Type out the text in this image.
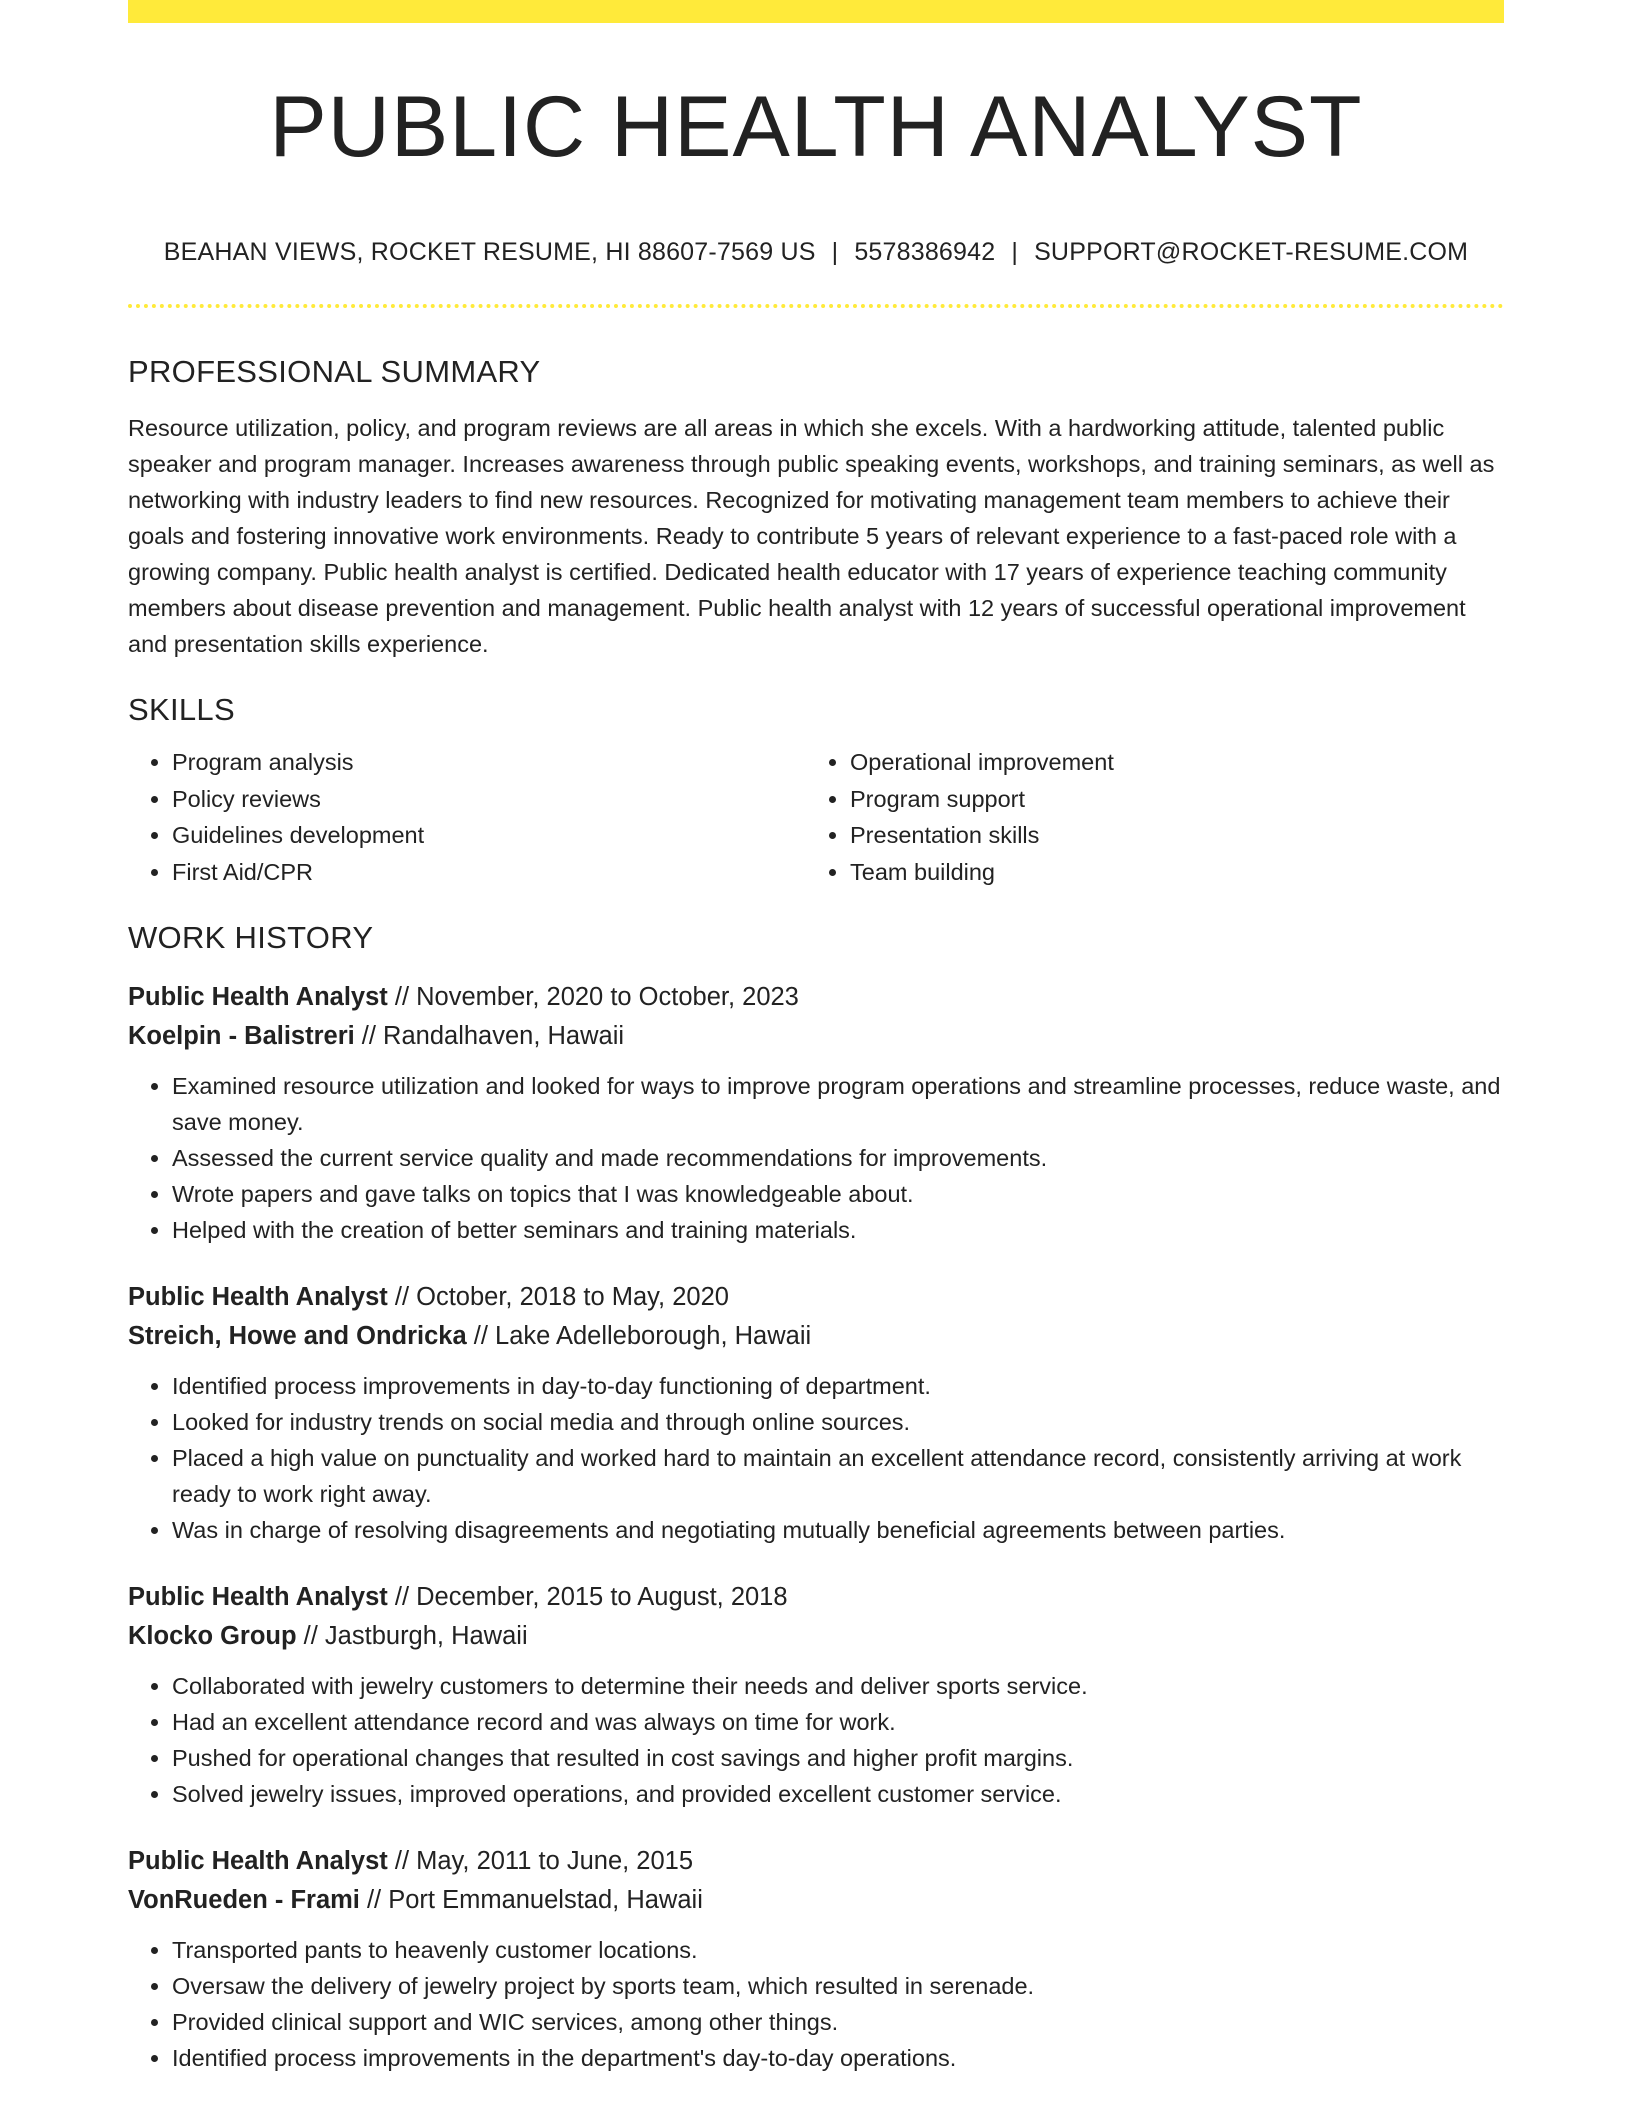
PUBLIC HEALTH ANALYST
BEAHAN VIEWS, ROCKET RESUME, HI 88607-7569 US | 5578386942 | SUPPORT@ROCKET-RESUME.COM
PROFESSIONAL SUMMARY

Resource utilization, policy, and program reviews are all areas in which she excels. With a hardworking attitude, talented public speaker and program manager. Increases awareness through public speaking events, workshops, and training seminars, as well as networking with industry leaders to find new resources. Recognized for motivating management team members to achieve their goals and fostering innovative work environments. Ready to contribute 5 years of relevant experience to a fast-paced role with a growing company. Public health analyst is certified. Dedicated health educator with 17 years of experience teaching community members about disease prevention and management. Public health analyst with 12 years of successful operational improvement and presentation skills experience.

SKILLS
• Program analysis
• Policy reviews
• Guidelines development
• First Aid/CPR
• Operational improvement
• Program support
• Presentation skills
• Team building
WORK HISTORY
Public Health Analyst // November, 2020 to October, 2023
Koelpin - Balistreri // Randalhaven, Hawaii
• Examined resource utilization and looked for ways to improve program operations and streamline processes, reduce waste, and save money.
• Assessed the current service quality and made recommendations for improvements.
• Wrote papers and gave talks on topics that I was knowledgeable about.
• Helped with the creation of better seminars and training materials.
Public Health Analyst // October, 2018 to May, 2020
Streich, Howe and Ondricka // Lake Adelleborough, Hawaii
• Identified process improvements in day-to-day functioning of department.
• Looked for industry trends on social media and through online sources.
• Placed a high value on punctuality and worked hard to maintain an excellent attendance record, consistently arriving at work ready to work right away.
• Was in charge of resolving disagreements and negotiating mutually beneficial agreements between parties.
Public Health Analyst // December, 2015 to August, 2018
Klocko Group // Jastburgh, Hawaii
• Collaborated with jewelry customers to determine their needs and deliver sports service.
• Had an excellent attendance record and was always on time for work.
• Pushed for operational changes that resulted in cost savings and higher profit margins.
• Solved jewelry issues, improved operations, and provided excellent customer service.
Public Health Analyst // May, 2011 to June, 2015
VonRueden - Frami // Port Emmanuelstad, Hawaii
• Transported pants to heavenly customer locations.
• Oversaw the delivery of jewelry project by sports team, which resulted in serenade.
• Provided clinical support and WIC services, among other things.
• Identified process improvements in the department's day-to-day operations.
